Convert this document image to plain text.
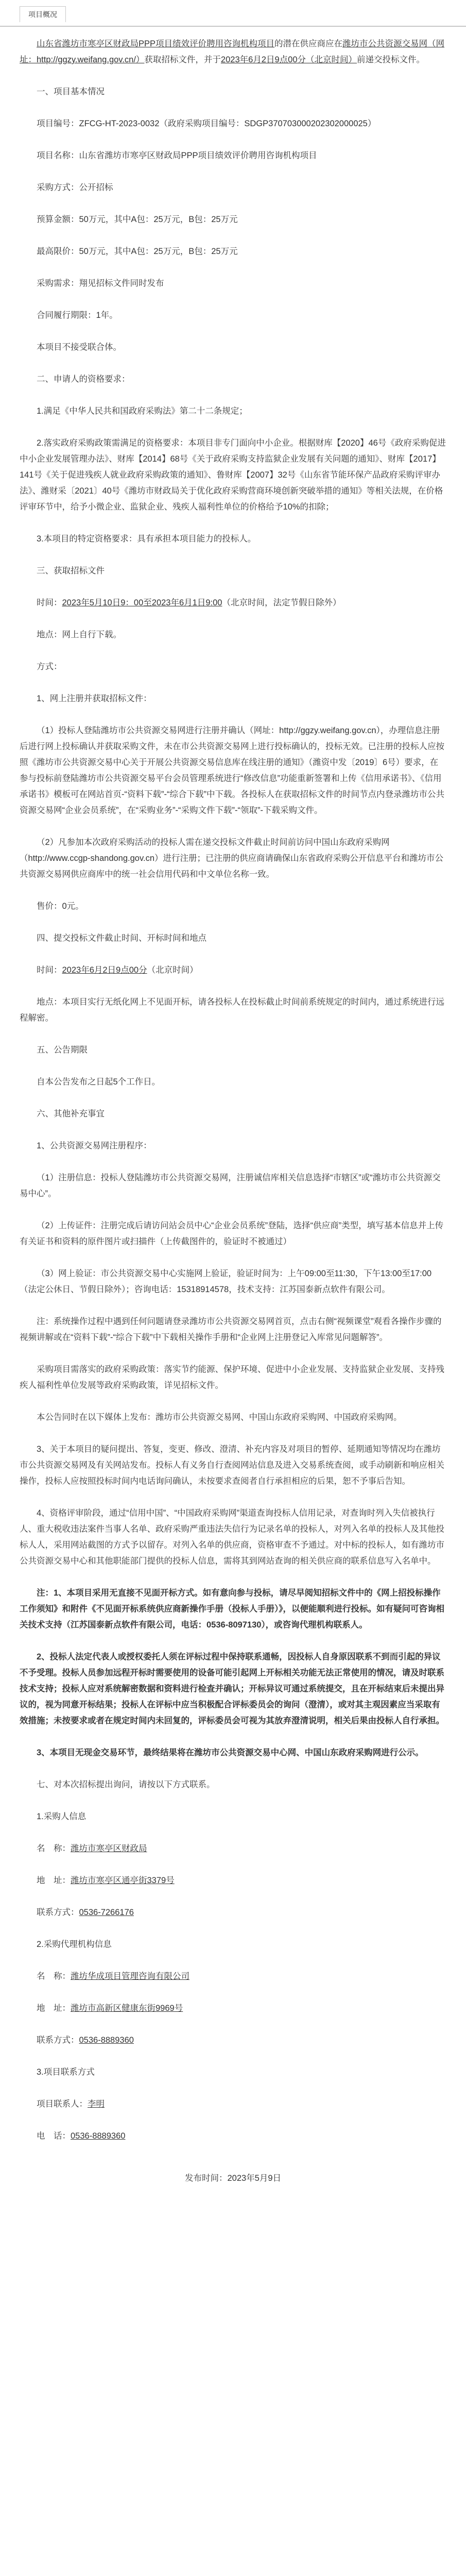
项目概况

山东省潍坊市寒亭区财政局PPP项目绩效评价聘用咨询机构项目的潜在供应商应在潍坊市公共资源交易网（网址：http://ggzy.weifang.gov.cn/）获取招标文件，并于2023年6月2日9点00分（北京时间）前递交投标文件。

一、项目基本情况

项目编号：ZFCG-HT-2023-0032（政府采购项目编号：SDGP370703000202302000025）

项目名称：山东省潍坊市寒亭区财政局PPP项目绩效评价聘用咨询机构项目

采购方式：公开招标

预算金额：50万元，其中A包：25万元，B包：25万元

最高限价：50万元，其中A包：25万元，B包：25万元

采购需求：翔见招标文件同时发布

合同履行期限：1年。

本项目不接受联合体。

二、申请人的资格要求：

1.满足《中华人民共和国政府采购法》第二十二条规定；

2.落实政府采购政策需满足的资格要求：本项目非专门面向中小企业。根据财库【2020】46号《政府采购促进中小企业发展管理办法》、财库【2014】68号《关于政府采购支持监狱企业发展有关问题的通知》、财库【2017】141号《关于促进残疾人就业政府采购政策的通知》、鲁财库【2007】32号《山东省节能环保产品政府采购评审办法》、潍财采〔2021〕40号《潍坊市财政局关于优化政府采购营商环境创新突破举措的通知》等相关法规，在价格评审环节中，给予小微企业、监狱企业、残疾人福利性单位的价格给予10%的扣除；

3.本项目的特定资格要求：具有承担本项目能力的投标人。

三、获取招标文件

时间：2023年5月10日9：00至2023年6月1日9:00（北京时间，法定节假日除外）

地点：网上自行下载。

方式：

1、网上注册并获取招标文件：

（1）投标人登陆潍坊市公共资源交易网进行注册并确认（网址：http://ggzy.weifang.gov.cn），办理信息注册后进行网上投标确认并获取采购文件，未在市公共资源交易网上进行投标确认的，投标无效。已注册的投标人应按照《潍坊市公共资源交易中心关于开展公共资源交易信息库在线注册的通知》（潍资中发〔2019〕6号）要求，在参与投标前登陆潍坊市公共资源交易平台会员管理系统进行“修改信息”功能重新签署和上传《信用承诺书》、《信用承诺书》模板可在网站首页-“资料下载”-“综合下载”中下载。各投标人在获取招标文件的时间节点内登录潍坊市公共资源交易网“企业会员系统”，在“采购业务”-“采购文件下载”-“领取”-下载采购文件。

（2）凡参加本次政府采购活动的投标人需在递交投标文件截止时间前访问中国山东政府采购网（http://www.ccgp-shandong.gov.cn）进行注册；已注册的供应商请确保山东省政府采购公开信息平台和潍坊市公共资源交易网供应商库中的统一社会信用代码和中文单位名称一致。

售价：0元。

四、提交投标文件截止时间、开标时间和地点

时间：2023年6月2日9点00分（北京时间）

地点：本项目实行无纸化网上不见面开标，请各投标人在投标截止时间前系统规定的时间内，通过系统进行远程解密。

五、公告期限

自本公告发布之日起5个工作日。

六、其他补充事宜

1、公共资源交易网注册程序：

（1）注册信息：投标人登陆潍坊市公共资源交易网，注册诚信库相关信息选择“市辖区”或“潍坊市公共资源交易中心”。

（2）上传证件：注册完成后请访问站会员中心“企业会员系统”登陆，选择“供应商”类型，填写基本信息并上传有关证书和资料的原件图片或扫描件（上传截图件的，验证时不被通过）

（3）网上验证：市公共资源交易中心实施网上验证，验证时间为：上午09:00至11:30，下午13:00至17:00（法定公休日、节假日除外）；咨询电话：15318914578，技术支持：江苏国泰新点软件有限公司。

注：系统操作过程中遇到任何问题请登录潍坊市公共资源交易网首页，点击右侧“视频课堂”观看各操作步骤的视频讲解或在“资料下载”-“综合下载”中下载相关操作手册和“企业网上注册登记入库常见问题解答”。

采购项目需落实的政府采购政策：落实节约能源、保护环境、促进中小企业发展、支持监狱企业发展、支持残疾人福利性单位发展等政府采购政策，详见招标文件。

本公告同时在以下媒体上发布：潍坊市公共资源交易网、中国山东政府采购网、中国政府采购网。

3、关于本项目的疑问提出、答复，变更、修改、澄清、补充内容及对项目的暂停、延期通知等情况均在潍坊市公共资源交易网及有关网站发布。投标人有义务自行查阅网站信息及进入交易系统查阅，或手动刷新和响应相关操作，投标人应按照投标时间内电话询问确认，未按要求查阅者自行承担相应的后果，恕不予事后告知。

4、资格评审阶段，通过“信用中国”、“中国政府采购网”渠道查询投标人信用记录，对查询时列入失信被执行人、重大税收违法案件当事人名单、政府采购严重违法失信行为记录名单的投标人，对列入名单的投标人及其他投标人人，采用网站截图的方式予以留存。对列入名单的供应商，资格审查不予通过。对中标的投标人，如有潍坊市公共资源交易中心和其他职能部门提供的投标人信息，需将其到网站查询的相关供应商的联系信息写入名单中。

注：1、本项目采用无直接不见面开标方式。如有意向参与投标，请尽早阅知招标文件中的《网上招投标操作工作须知》和附件《不见面开标系统供应商新操作手册（投标人手册）》，以便能顺利进行投标。如有疑问可咨询相关技术支持（江苏国泰新点软件有限公司，电话：0536-8097130），或咨询代理机构联系人。

2、投标人法定代表人或授权委托人须在评标过程中保持联系通畅，因投标人自身原因联系不到而引起的异议不予受理。投标人员参加远程开标时需要使用的设备可能引起网上开标相关功能无法正常使用的情况，请及时联系技术支持；投标人应对系统解密数据和资料进行检查并确认；开标异议可通过系统提交，且在开标结束后未提出异议的，视为同意开标结果；投标人在评标中应当积极配合评标委员会的询问（澄清），或对其主观因素应当采取有效措施；未按要求或者在规定时间内未回复的，评标委员会可视为其放弃澄清说明，相关后果由投标人自行承担。

3、本项目无现金交易环节，最终结果将在潍坊市公共资源交易中心网、中国山东政府采购网进行公示。

七、对本次招标提出询问，请按以下方式联系。

1.采购人信息

名　称：潍坊市寒亭区财政局

地　址：潍坊市寒亭区通亭街3379号

联系方式：0536-7266176

2.采购代理机构信息

名　称：潍坊华成项目管理咨询有限公司

地　址：潍坊市高新区健康东街9969号

联系方式：0536-8889360

3.项目联系方式

项目联系人：李明

电　话：0536-8889360

发布时间：2023年5月9日
